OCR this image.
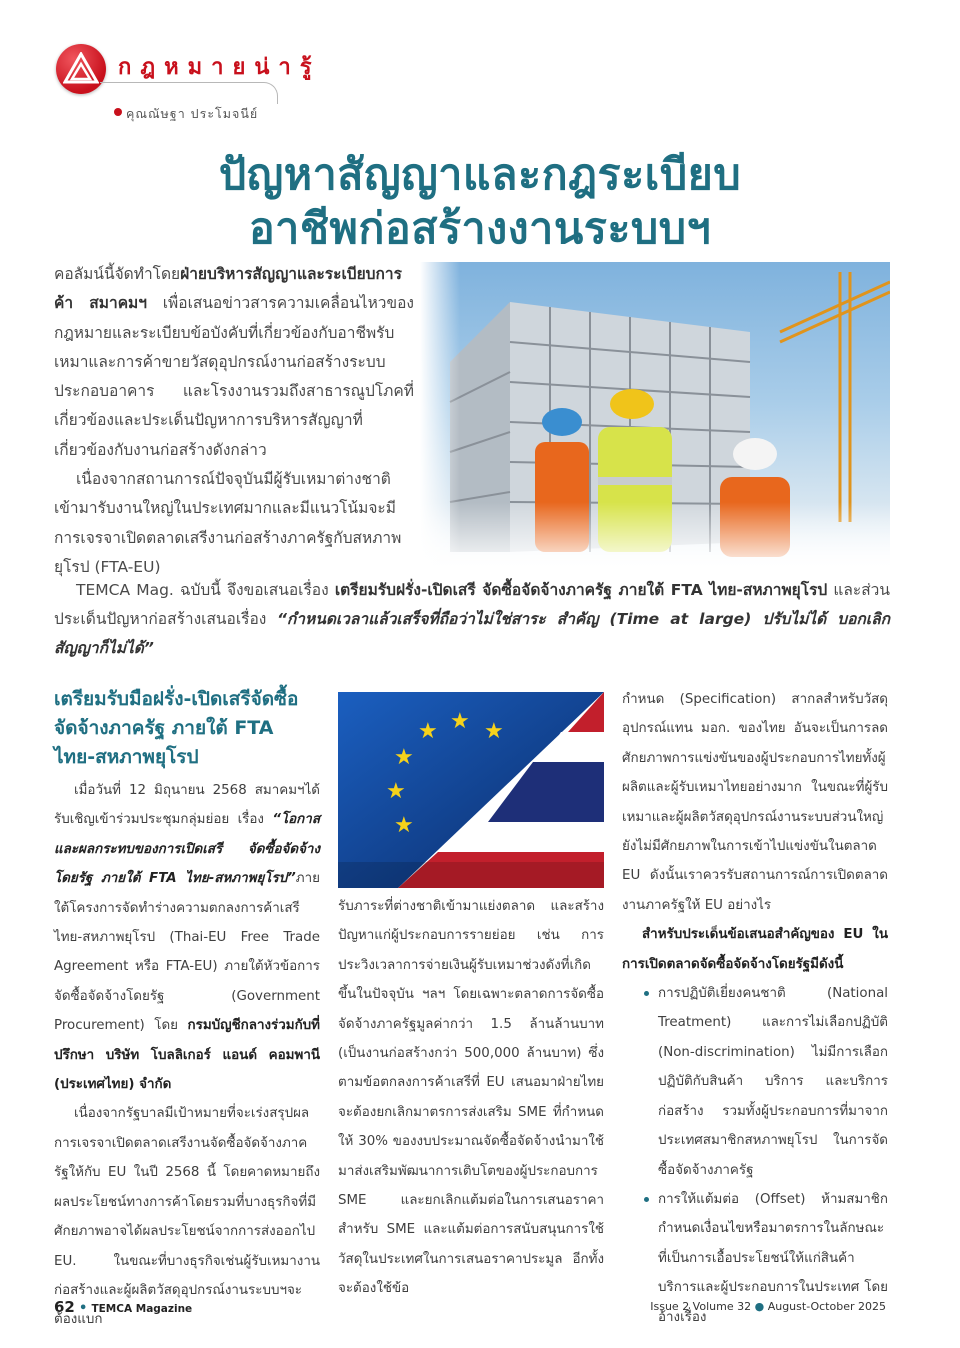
กฎหมายน่ารู้
คุณณัษฐา ประโมจนีย์
ปัญหาสัญญาและกฎระเบียบ
อาชีพก่อสร้างงานระบบฯ

คอลัมน์นี้จัดทำโดยฝ่ายบริหารสัญญาและระเบียบการค้า สมาคมฯ เพื่อเสนอข่าวสารความเคลื่อนไหวของกฎหมายและระเบียบข้อบังคับที่เกี่ยวข้องกับอาชีพรับเหมาและการค้าขายวัสดุอุปกรณ์งานก่อสร้างระบบประกอบอาคาร และโรงงานรวมถึงสาธารณูปโภคที่เกี่ยวข้องและประเด็นปัญหาการบริหารสัญญาที่เกี่ยวข้องกับงานก่อสร้างดังกล่าว

เนื่องจากสถานการณ์ปัจจุบันมีผู้รับเหมาต่างชาติเข้ามารับงานใหญ่ในประเทศมากและมีแนวโน้มจะมีการเจรจาเปิดตลาดเสรีงานก่อสร้างภาครัฐกับสหภาพยุโรป (FTA-EU)

TEMCA Mag. ฉบับนี้ จึงขอเสนอเรื่อง เตรียมรับฝรั่ง-เปิดเสรี จัดซื้อจัดจ้างภาครัฐ ภายใต้ FTA ไทย-สหภาพยุโรป และส่วนประเด็นปัญหาก่อสร้างเสนอเรื่อง “กำหนดเวลาแล้วเสร็จที่ถือว่าไม่ใช่สาระ สำคัญ (Time at large) ปรับไม่ได้ บอกเลิกสัญญาก็ไม่ได้”
เตรียมรับมือฝรั่ง-เปิดเสรีจัดซื้อจัดจ้างภาครัฐ ภายใต้ FTA ไทย-สหภาพยุโรป

เมื่อวันที่ 12 มิถุนายน 2568 สมาคมฯได้รับเชิญเข้าร่วมประชุมกลุ่มย่อย เรื่อง “โอกาสและผลกระทบของการเปิดเสรี จัดซื้อจัดจ้างโดยรัฐ ภายใต้ FTA ไทย-สหภาพยุโรป”ภายใต้โครงการจัดทำร่างความตกลงการค้าเสรีไทย-สหภาพยุโรป (Thai-EU Free Trade Agreement หรือ FTA-EU) ภายใต้หัวข้อการจัดซื้อจัดจ้างโดยรัฐ (Government Procurement) โดย กรมบัญชีกลางร่วมกับที่ปรึกษา บริษัท โบลลิเกอร์ แอนด์ คอมพานี (ประเทศไทย) จำกัด

เนื่องจากรัฐบาลมีเป้าหมายที่จะเร่งสรุปผลการเจรจาเปิดตลาดเสรีงานจัดซื้อจัดจ้างภาครัฐให้กับ EU ในปี 2568 นี้ โดยคาดหมายถึงผลประโยชน์ทางการค้าโดยรวมที่บางธุรกิจที่มีศักยภาพอาจได้ผลประโยชน์จากการส่งออกไป EU. ในขณะที่บางธุรกิจเช่นผู้รับเหมางานก่อสร้างและผู้ผลิตวัสดุอุปกรณ์งานระบบฯจะต้องแบก

★ ★ ★
★
★
★

รับภาระที่ต่างชาติเข้ามาแย่งตลาด และสร้างปัญหาแก่ผู้ประกอบการรายย่อย เช่น การประวิงเวลาการจ่ายเงินผู้รับเหมาช่วงดังที่เกิดขึ้นในปัจจุบัน ฯลฯ โดยเฉพาะตลาดการจัดซื้อจัดจ้างภาครัฐมูลค่ากว่า 1.5 ล้านล้านบาท (เป็นงานก่อสร้างกว่า 500,000 ล้านบาท) ซึ่งตามข้อตกลงการค้าเสรีที่ EU เสนอมาฝ่ายไทยจะต้องยกเลิกมาตรการส่งเสริม SME ที่กำหนดให้ 30% ของงบประมาณจัดซื้อจัดจ้างนำมาใช้มาส่งเสริมพัฒนาการเติบโตของผู้ประกอบการ SME และยกเลิกแต้มต่อในการเสนอราคาสำหรับ SME และแต้มต่อการสนับสนุนการใช้วัสดุในประเทศในการเสนอราคาประมูล อีกทั้งจะต้องใช้ข้อ

กำหนด (Specification) สากลสำหรับวัสดุอุปกรณ์แทน มอก. ของไทย อันจะเป็นการลดศักยภาพการแข่งขันของผู้ประกอบการไทยทั้งผู้ผลิตและผู้รับเหมาไทยอย่างมาก ในขณะที่ผู้รับเหมาและผู้ผลิตวัสดุอุปกรณ์งานระบบส่วนใหญ่ยังไม่มีศักยภาพในการเข้าไปแข่งขันในตลาด EU ดังนั้นเราควรรับสถานการณ์การเปิดตลาดงานภาครัฐให้ EU อย่างไร

สำหรับประเด็นข้อเสนอสำคัญของ EU ในการเปิดตลาดจัดซื้อจัดจ้างโดยรัฐมีดังนี้

การปฏิบัติเยี่ยงคนชาติ (National Treatment) และการไม่เลือกปฏิบัติ (Non-discrimination) ไม่มีการเลือกปฏิบัติกับสินค้า บริการ และบริการก่อสร้าง รวมทั้งผู้ประกอบการที่มาจากประเทศสมาชิกสหภาพยุโรป ในการจัดซื้อจัดจ้างภาครัฐ

การให้แต้มต่อ (Offset) ห้ามสมาชิกกำหนดเงื่อนไขหรือมาตรการในลักษณะที่เป็นการเอื้อประโยชน์ให้แก่สินค้า บริการและผู้ประกอบการในประเทศ โดยอ้างเรื่อง

62 • TEMCA Magazine	Issue 2 Volume 32 ● August-October 2025
